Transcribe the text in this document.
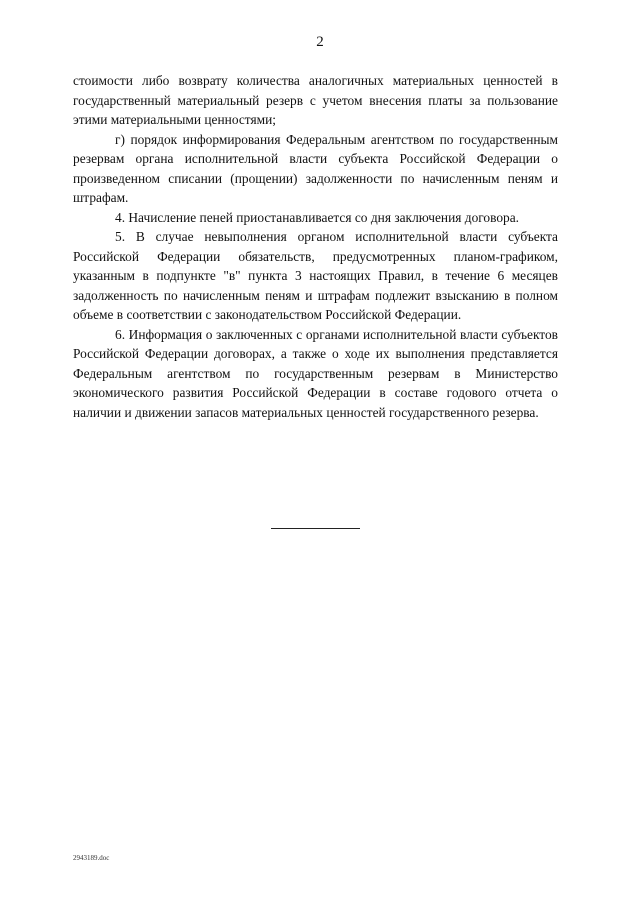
2

стоимости либо возврату количества аналогичных материальных ценностей в государственный материальный резерв с учетом внесения платы за пользование этими материальными ценностями;

г) порядок информирования Федеральным агентством по государственным резервам органа исполнительной власти субъекта Российской Федерации о произведенном списании (прощении) задолженности по начисленным пеням и штрафам.

4. Начисление пеней приостанавливается со дня заключения договора.

5. В случае невыполнения органом исполнительной власти субъекта Российской Федерации обязательств, предусмотренных планом-графиком, указанным в подпункте "в" пункта 3 настоящих Правил, в течение 6 месяцев задолженность по начисленным пеням и штрафам подлежит взысканию в полном объеме в соответствии с законодательством Российской Федерации.

6. Информация о заключенных с органами исполнительной власти субъектов Российской Федерации договорах, а также о ходе их выполнения представляется Федеральным агентством по государственным резервам в Министерство экономического развития Российской Федерации в составе годового отчета о наличии и движении запасов материальных ценностей государственного резерва.

2943189.doc
